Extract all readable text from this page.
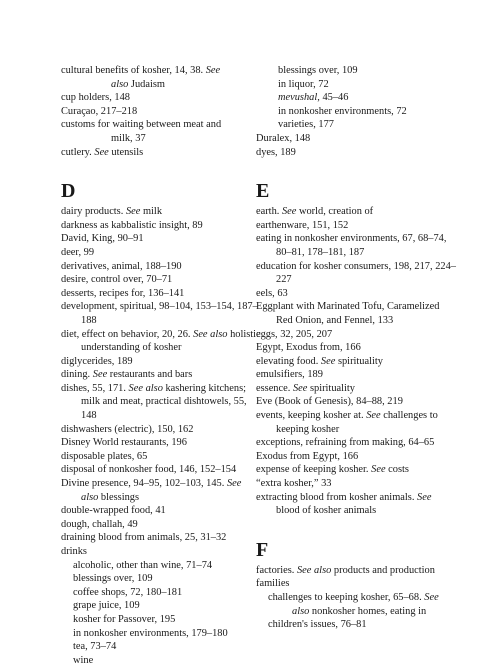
cultural benefits of kosher, 14, 38. See
also Judaism
cup holders, 148
Curaçao, 217–218
customs for waiting between meat and
milk, 37
cutlery. See utensils
D
dairy products. See milk
darkness as kabbalistic insight, 89
David, King, 90–91
deer, 99
derivatives, animal, 188–190
desire, control over, 70–71
desserts, recipes for, 136–141
development, spiritual, 98–104, 153–154, 187–188
diet, effect on behavior, 20, 26. See also holistic understanding of kosher
diglycerides, 189
dining. See restaurants and bars
dishes, 55, 171. See also kashering kitchens; milk and meat, practical dishtowels, 55, 148
dishwashers (electric), 150, 162
Disney World restaurants, 196
disposable plates, 65
disposal of nonkosher food, 146, 152–154
Divine presence, 94–95, 102–103, 145. See also blessings
double-wrapped food, 41
dough, challah, 49
draining blood from animals, 25, 31–32
drinks
alcoholic, other than wine, 71–74
blessings over, 109
coffee shops, 72, 180–181
grape juice, 109
kosher for Passover, 195
in nonkosher environments, 179–180
tea, 73–74
wine
blessings over, 109
in liquor, 72
mevushal, 45–46
in nonkosher environments, 72
varieties, 177
Duralex, 148
dyes, 189
E
earth. See world, creation of
earthenware, 151, 152
eating in nonkosher environments, 67, 68–74, 80–81, 178–181, 187
education for kosher consumers, 198, 217, 224–227
eels, 63
Eggplant with Marinated Tofu, Caramelized Red Onion, and Fennel, 133
eggs, 32, 205, 207
Egypt, Exodus from, 166
elevating food. See spirituality
emulsifiers, 189
essence. See spirituality
Eve (Book of Genesis), 84–88, 219
events, keeping kosher at. See challenges to keeping kosher
exceptions, refraining from making, 64–65
Exodus from Egypt, 166
expense of keeping kosher. See costs
“extra kosher,” 33
extracting blood from kosher animals. See blood of kosher animals
F
factories. See also products and production
families
challenges to keeping kosher, 65–68. See also nonkosher homes, eating in
children's issues, 76–81
